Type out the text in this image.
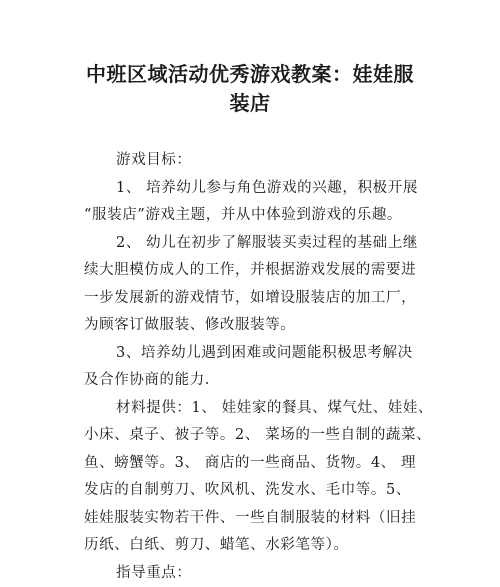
中班区域活动优秀游戏教案：娃娃服
装店
游戏目标：
1、 培养幼儿参与角色游戏的兴趣，积极开展
“服装店”游戏主题，并从中体验到游戏的乐趣。
2、 幼儿在初步了解服装买卖过程的基础上继
续大胆模仿成人的工作，并根据游戏发展的需要进
一步发展新的游戏情节，如增设服装店的加工厂，
为顾客订做服装、修改服装等。
3、培养幼儿遇到困难或问题能积极思考解决
及合作协商的能力.
材料提供：1、 娃娃家的餐具、煤气灶、娃娃、
小床、桌子、被子等。2、 菜场的一些自制的蔬菜、
鱼、螃蟹等。3、 商店的一些商品、货物。4、 理
发店的自制剪刀、吹风机、洗发水、毛巾等。5、
娃娃服装实物若干件、一些自制服装的材料（旧挂
历纸、白纸、剪刀、蜡笔、水彩笔等）。
指导重点：
